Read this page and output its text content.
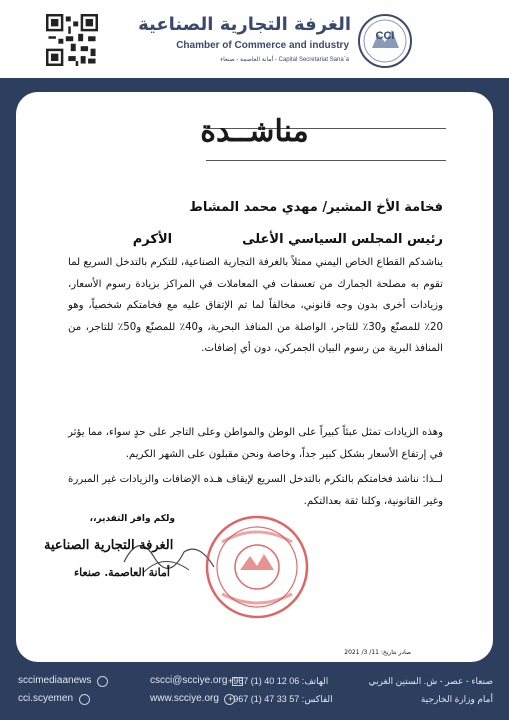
الغرفة التجارية الصناعية
Chamber of Commerce and industry
Capital Secretariat Sana`a - أمانة العاصمة - صنعاء
CCI
مناشــدة
فخامة الأخ المشير/ مهدي محمد المشاط
رئيس المجلس السياسي الأعلىالأكرم
يناشدكم القطاع الخاص اليمني ممثلاً بالغرفة التجارية الصناعية، للتكرم بالتدخل السريع لما تقوم به مصلحة الجمارك من تعسفات في المعاملات في المراكز بزيادة رسوم الأسعار، وزيادات أخرى بدون وجه قانوني، مخالفاً لما تم الإتفاق عليه مع فخامتكم شخصياً، وهو 20٪ للمصنّع و30٪ للتاجر، الواصلة من المنافذ البحرية، و40٪ للمصنّع و50٪ للتاجر، من المنافذ البرية من رسوم البيان الجمركي، دون أي إضافات.
وهذه الزيادات تمثل عبئاً كبيراً على الوطن والمواطن وعلى التاجر على حدٍ سواء، مما يؤثر في إرتفاع الأسعار بشكل كبير جداً، وخاصة ونحن مقبلون على الشهر الكريم.
لــذا: نناشد فخامتكم بالتكرم بالتدخل السريع لإيقاف هـذه الإضافات والزيادات غير المبررة وغير القانونية، وكلنا ثقة بعدالتكم.
ولكم وافر التقدير،،
الغرفة التجارية الصناعية
أمانة العاصمة. صنعاء
صادر بتاريخ: 11/ 3/ 2021
sccimediaanews
cci.scyemen
cscci@scciye.org
www.scciye.org
+967 (1) 40 12 06 :الهاتف
+967 (1) 47 33 57 :الفاكس
صنعاء - عصر - ش. الستين الغربي
أمام وزارة الخارجية
